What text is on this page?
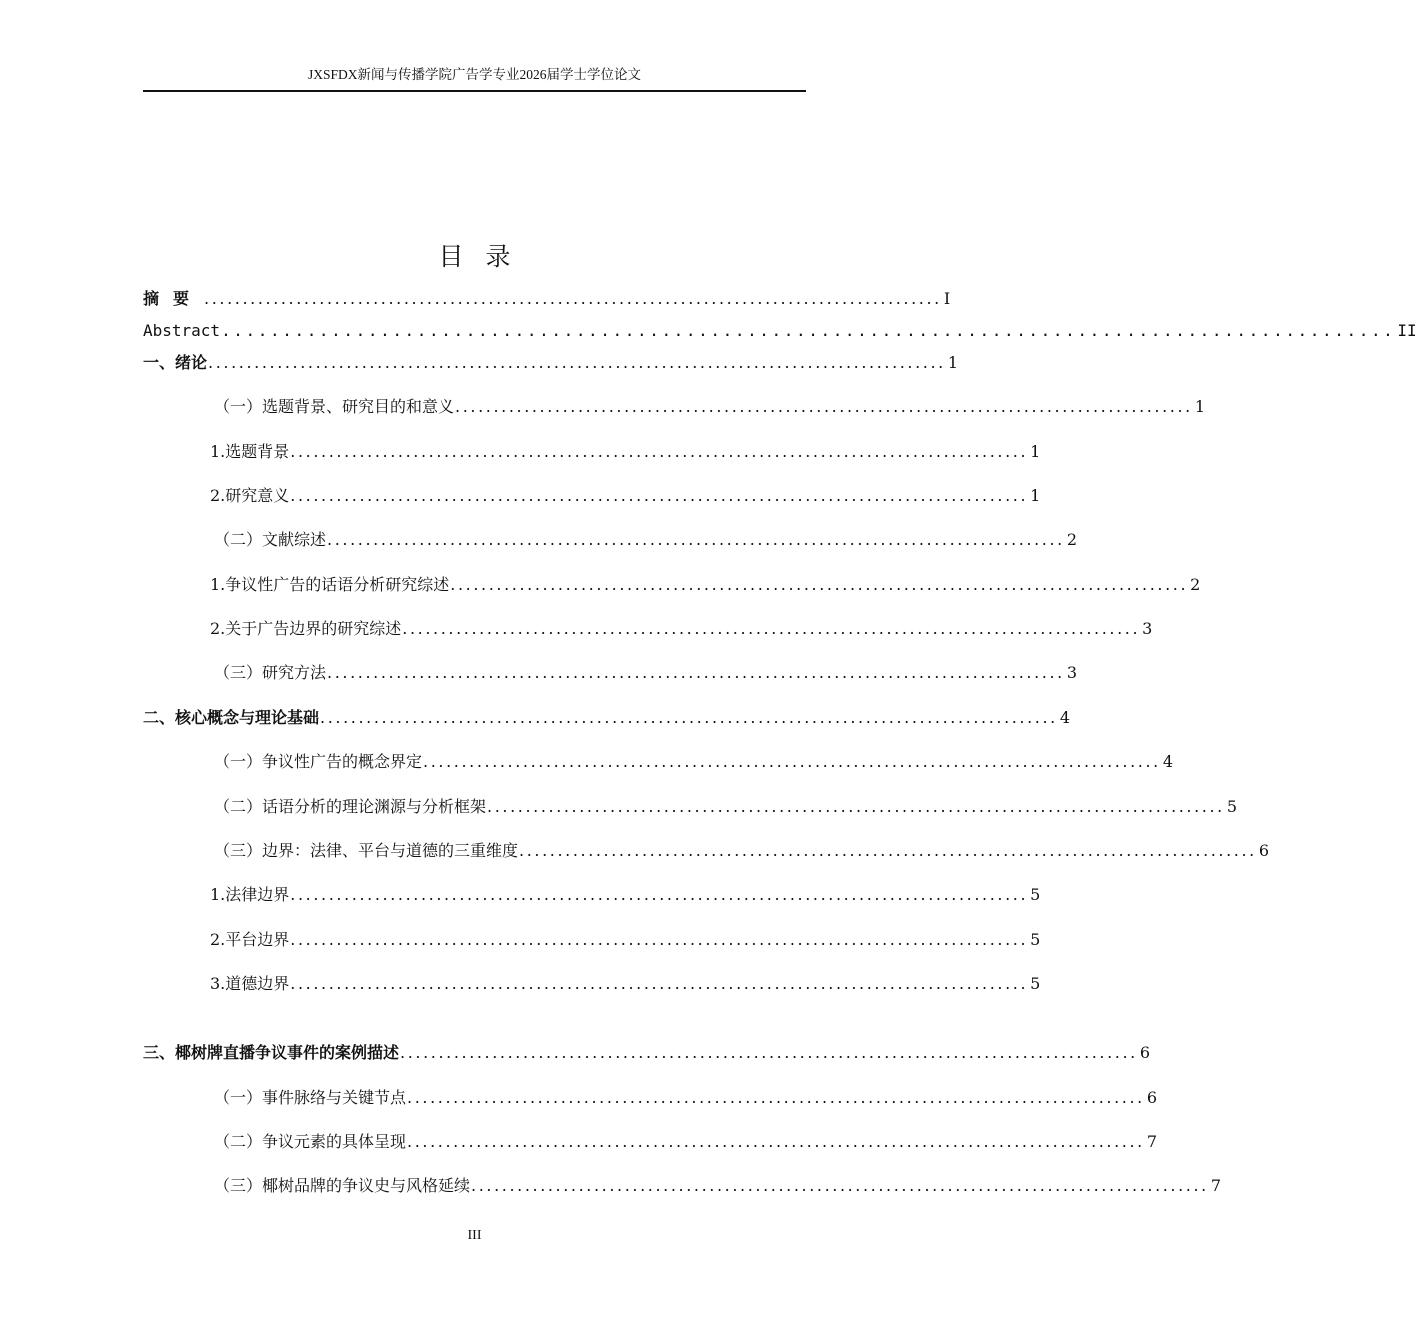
JXSFDX新闻与传播学院广告学专业2026届学士学位论文
目录
摘要 ................................................................................................ I
Abstract ................................................................................................ II
一、绪论 ................................................................................................ 1
（一）选题背景、研究目的和意义 ................................................................................................ 1
1.选题背景 ................................................................................................ 1
2.研究意义 ................................................................................................ 1
（二）文献综述 ................................................................................................ 2
1.争议性广告的话语分析研究综述 ................................................................................................ 2
2.关于广告边界的研究综述 ................................................................................................ 3
（三）研究方法 ................................................................................................ 3
二、核心概念与理论基础 ................................................................................................ 4
（一）争议性广告的概念界定 ................................................................................................ 4
（二）话语分析的理论渊源与分析框架 ................................................................................................ 5
（三）边界：法律、平台与道德的三重维度 ................................................................................................ 6
1.法律边界 ................................................................................................ 5
2.平台边界 ................................................................................................ 5
3.道德边界 ................................................................................................ 5
三、椰树牌直播争议事件的案例描述 ................................................................................................ 6
（一）事件脉络与关键节点 ................................................................................................ 6
（二）争议元素的具体呈现 ................................................................................................ 7
（三）椰树品牌的争议史与风格延续 ................................................................................................ 7
III
